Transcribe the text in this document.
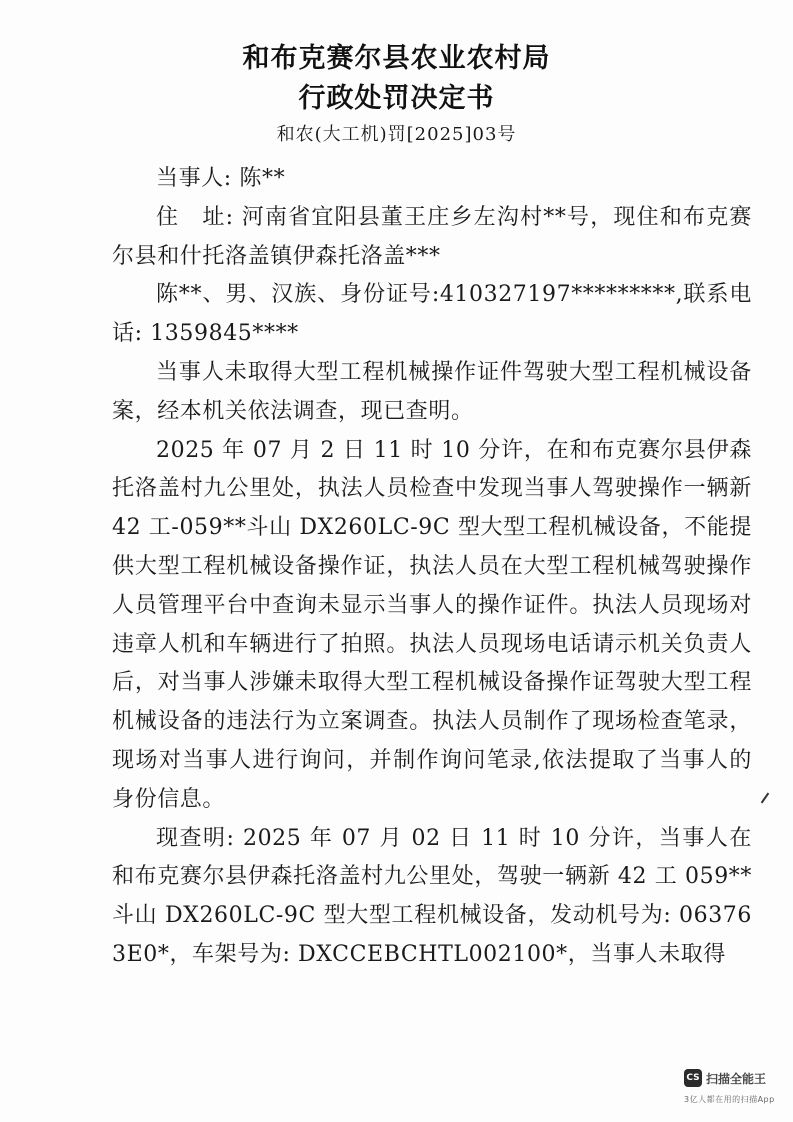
和布克赛尔县农业农村局
行政处罚决定书
和农(大工机)罚[2025]03号

当事人: 陈**

住　址: 河南省宜阳县董王庄乡左沟村**号，现住和布克赛尔县和什托洛盖镇伊森托洛盖***

陈**、男、汉族、身份证号:410327197*********,联系电话: 1359845****

当事人未取得大型工程机械操作证件驾驶大型工程机械设备案，经本机关依法调查，现已查明。

2025 年 07 月 2 日 11 时 10 分许，在和布克赛尔县伊森托洛盖村九公里处，执法人员检查中发现当事人驾驶操作一辆新 42 工-059**斗山 DX260LC-9C 型大型工程机械设备，不能提供大型工程机械设备操作证，执法人员在大型工程机械驾驶操作人员管理平台中查询未显示当事人的操作证件。执法人员现场对违章人机和车辆进行了拍照。执法人员现场电话请示机关负责人后，对当事人涉嫌未取得大型工程机械设备操作证驾驶大型工程机械设备的违法行为立案调查。执法人员制作了现场检查笔录，现场对当事人进行询问，并制作询问笔录,依法提取了当事人的身份信息。

现查明: 2025 年 07 月 02 日 11 时 10 分许，当事人在和布克赛尔县伊森托洛盖村九公里处，驾驶一辆新 42 工 059**斗山 DX260LC-9C 型大型工程机械设备，发动机号为: 063763E0*，车架号为: DXCCEBCHTL002100*，当事人未取得

CS 扫描全能王
3亿人都在用的扫描App
